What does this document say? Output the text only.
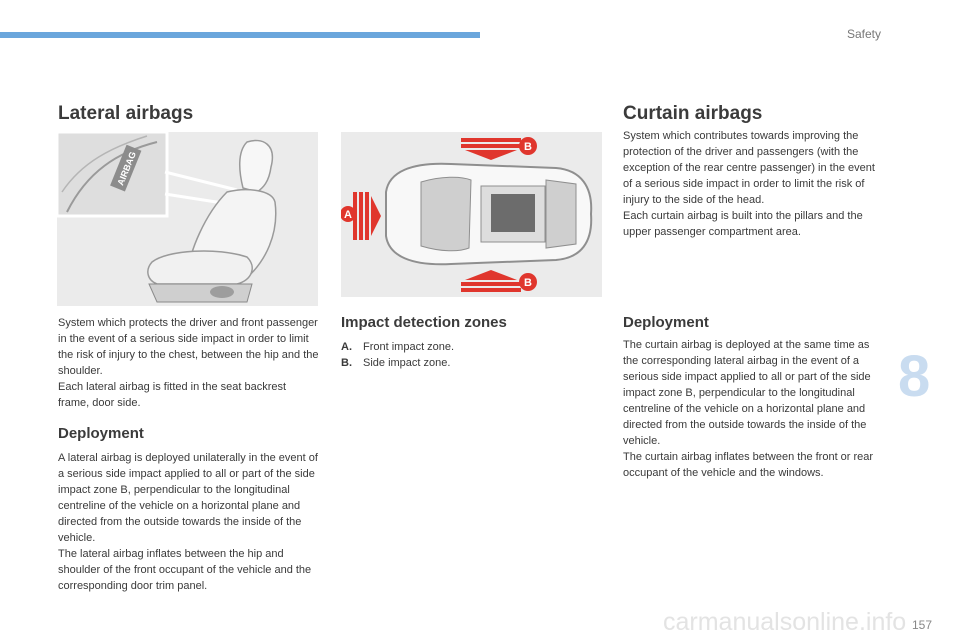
Safety
8
157
carmanualsonline.info
Lateral airbags
AIRBAG

System which protects the driver and front passenger in the event of a serious side impact in order to limit the risk of injury to the chest, between the hip and the shoulder.

Each lateral airbag is fitted in the seat backrest frame, door side.

Deployment

A lateral airbag is deployed unilaterally in the event of a serious side impact applied to all or part of the side impact zone B, perpendicular to the longitudinal centreline of the vehicle on a horizontal plane and directed from the outside towards the inside of the vehicle.

The lateral airbag inflates between the hip and shoulder of the front occupant of the vehicle and the corresponding door trim panel.

B
B
A
Impact detection zones
A.	Front impact zone.
B.	Side impact zone.
Curtain airbags

System which contributes towards improving the protection of the driver and passengers (with the exception of the rear centre passenger) in the event of a serious side impact in order to limit the risk of injury to the side of the head.

Each curtain airbag is built into the pillars and the upper passenger compartment area.

Deployment

The curtain airbag is deployed at the same time as the corresponding lateral airbag in the event of a serious side impact applied to all or part of the side impact zone B, perpendicular to the longitudinal centreline of the vehicle on a horizontal plane and directed from the outside towards the inside of the vehicle.

The curtain airbag inflates between the front or rear occupant of the vehicle and the windows.
